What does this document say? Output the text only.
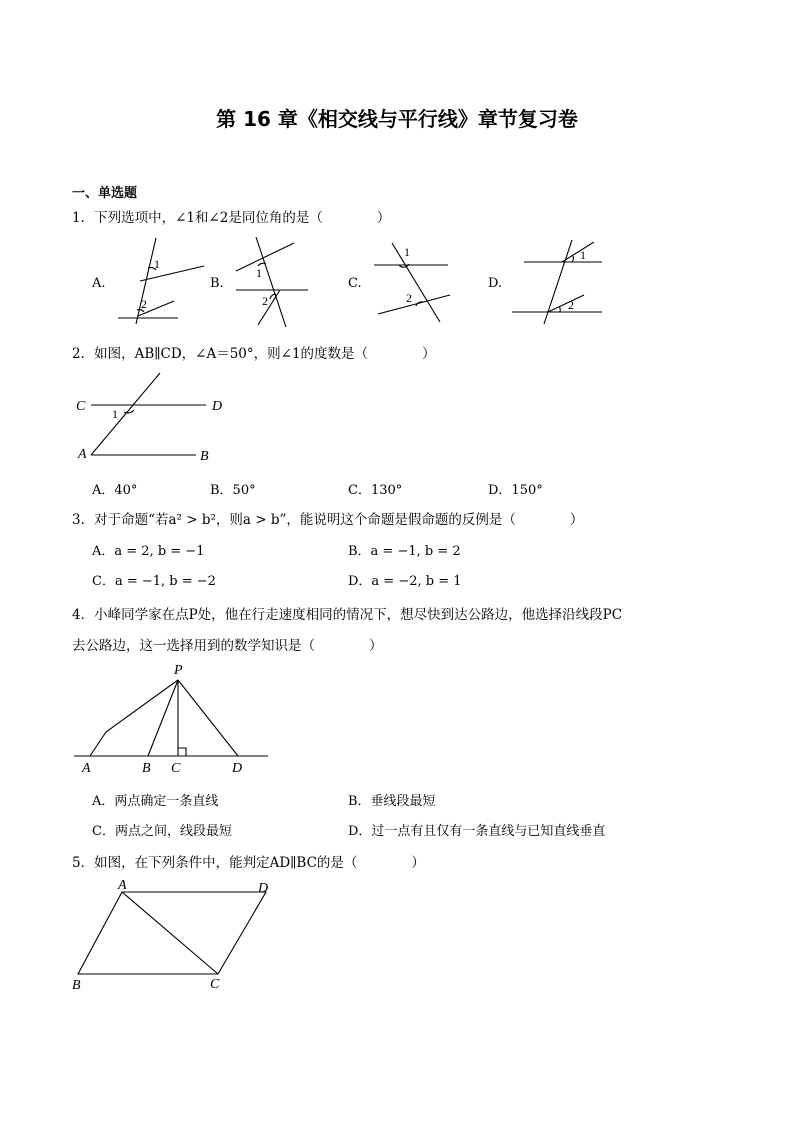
第 16 章《相交线与平行线》章节复习卷
一、单选题
1．下列选项中，∠1和∠2是同位角的是（　　　　）
A.
1
2
B.
1
2
C.
1
2
D.
1
2
2．如图，AB∥CD，∠A＝50°，则∠1的度数是（　　　　）
C	D
A	B
1
A．40°	B．50°	C．130°	D．150°
3．对于命题“若a² > b²，则a > b”，能说明这个命题是假命题的反例是（　　　　）
A．a = 2, b = −1	B．a = −1, b = 2
C．a = −1, b = −2	D．a = −2, b = 1
4．小峰同学家在点P处，他在行走速度相同的情况下，想尽快到达公路边，他选择沿线段PC
去公路边，这一选择用到的数学知识是（　　　　）
P
A	B C	D
A．两点确定一条直线	B．垂线段最短
C．两点之间，线段最短	D．过一点有且仅有一条直线与已知直线垂直
5．如图，在下列条件中，能判定AD∥BC的是（　　　　）
A	D
B	C
